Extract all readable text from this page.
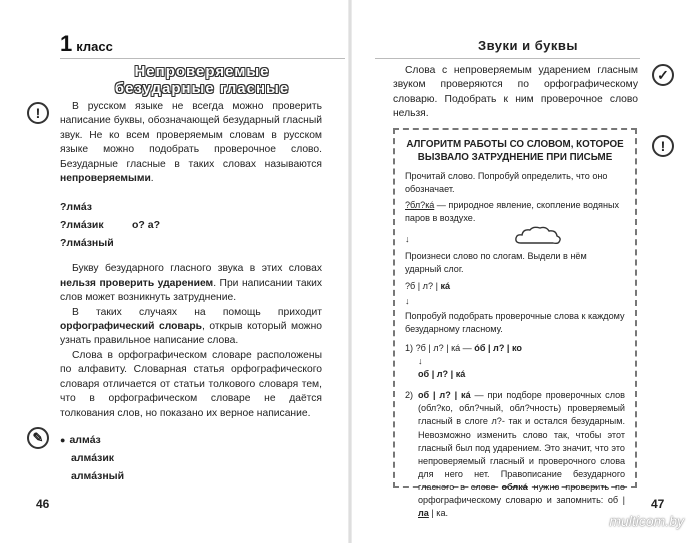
1 класс	Звуки и буквы
Непроверяемые
безударные гласные

В русском языке не всегда можно проверить написание буквы, обозначающей безударный гласный звук. Не ко всем проверяемым словам в русском языке можно подобрать проверочное слово. Безударные гласные в таких словах называются непроверяемыми.

?лмáз
?лмáзик
?лмáзный
о? а?

Букву безударного гласного звука в этих словах нельзя проверить ударением. При написании таких слов может возникнуть затруднение.

В таких случаях на помощь приходит орфографический словарь, открыв который можно узнать правильное написание слова.

Слова в орфографическом словаре расположены по алфавиту. Словарная статья орфографического словаря отличается от статьи толкового словаря тем, что в орфографическом словаре не даётся толкования слов, но показано их верное написание.

● алмáз
алмáзик
алмáзный
!
✎
46	47

Слова с непроверяемым ударением гласным звуком проверяются по орфографическому словарю. Подобрать к ним проверочное слово нельзя.

✓
!
АЛГОРИТМ РАБОТЫ СО СЛОВОМ, КОТОРОЕ
ВЫЗВАЛО ЗАТРУДНЕНИЕ ПРИ ПИСЬМЕ
Прочитай слово. Попробуй определить, что оно обозначает.
?бл?кá — природное явление, скопление водяных паров в воздухе.
↓
Произнеси слово по слогам. Выдели в нём ударный слог.
?б | л? | кá
↓
Попробуй подобрать проверочные слова к каждому безударному гласному.
1) ?б | л? | кá — óб | л? | ко
↓
об | л? | кá
2) об | л? | кá — при подборе проверочных слов (обл?ко, обл?чный, обл?чность) проверяемый гласный в слоге л?- так и остался безударным. Невозможно изменить слово так, чтобы этот гласный был под ударением. Это значит, что это непроверяемый гласный и проверочного слова для него нет. Правописание безударного гласного в слове облкá нужно проверить по орфографическому словарю и запомнить: об | ла | ка.	multicom.by
